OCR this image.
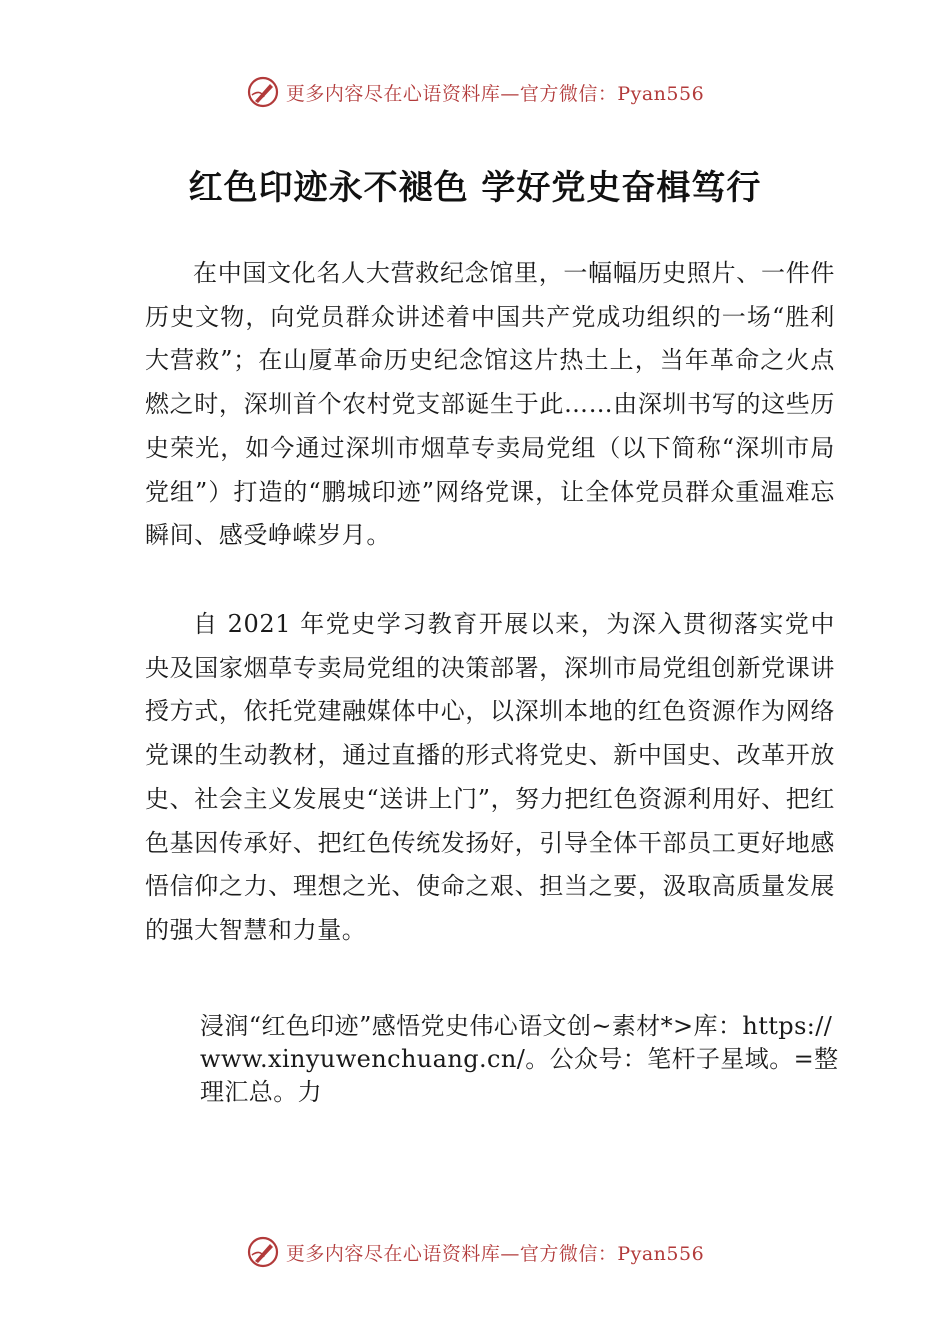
更多内容尽在心语资料库—官方微信：Pyan556
红色印迹永不褪色 学好党史奋楫笃行

在中国文化名人大营救纪念馆里，一幅幅历史照片、一件件历史文物，向党员群众讲述着中国共产党成功组织的一场“胜利大营救”；在山厦革命历史纪念馆这片热土上，当年革命之火点燃之时，深圳首个农村党支部诞生于此……由深圳书写的这些历史荣光，如今通过深圳市烟草专卖局党组（以下简称“深圳市局党组”）打造的“鹏城印迹”网络党课，让全体党员群众重温难忘瞬间、感受峥嵘岁月。

自 2021 年党史学习教育开展以来，为深入贯彻落实党中央及国家烟草专卖局党组的决策部署，深圳市局党组创新党课讲授方式，依托党建融媒体中心，以深圳本地的红色资源作为网络党课的生动教材，通过直播的形式将党史、新中国史、改革开放史、社会主义发展史“送讲上门”，努力把红色资源利用好、把红色基因传承好、把红色传统发扬好，引导全体干部员工更好地感悟信仰之力、理想之光、使命之艰、担当之要，汲取高质量发展的强大智慧和力量。

浸润“红色印迹”感悟党史伟心语文创~素材*>库：https://www.xinyuwenchuang.cn/。公众号：笔杆子星域。=整理汇总。力

更多内容尽在心语资料库—官方微信：Pyan556
